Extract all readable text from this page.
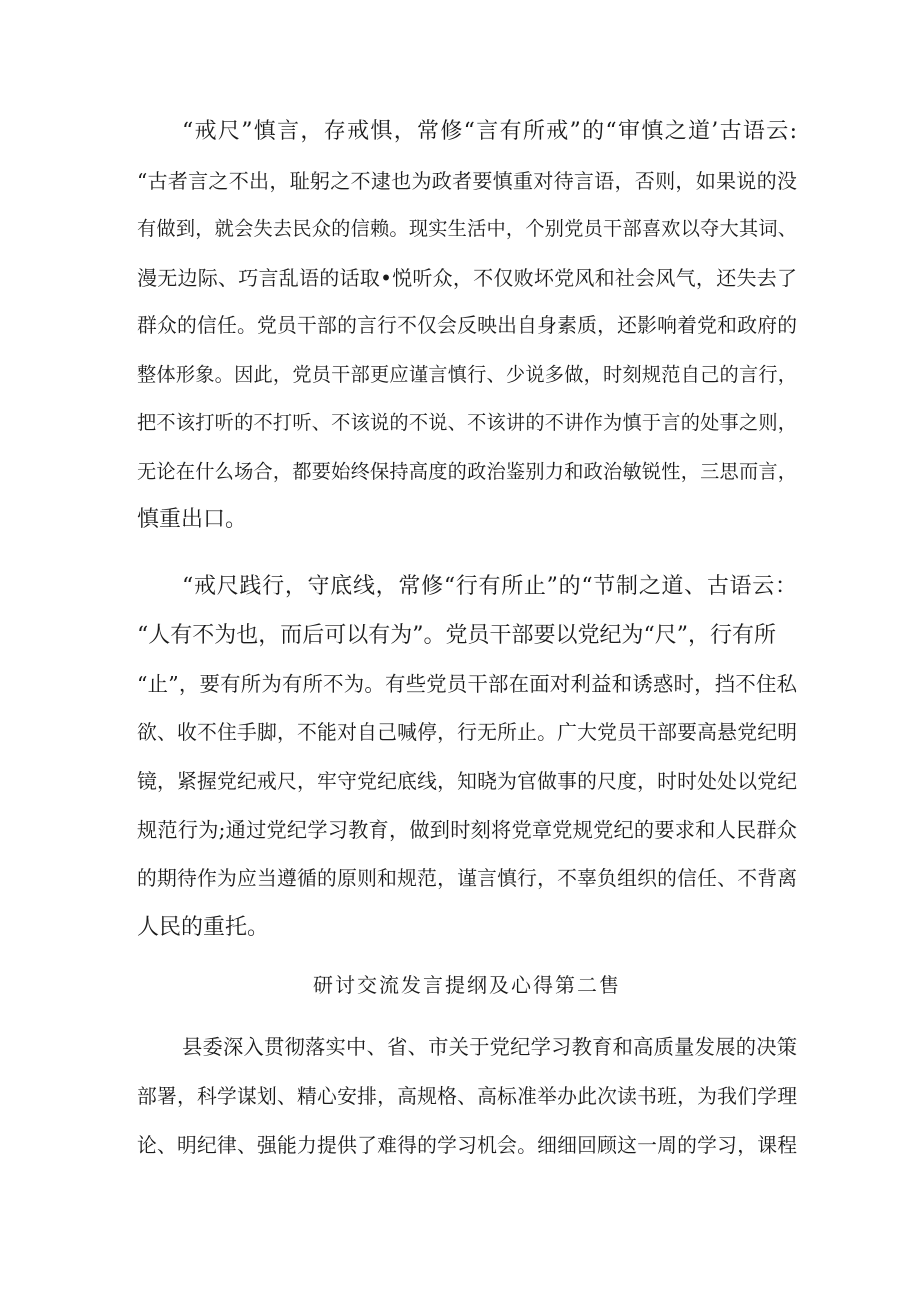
“戒尺”慎言，存戒惧，常修“言有所戒”的“审慎之道’古语云:
“古者言之不出，耻躬之不逮也为政者要慎重对待言语，否则，如果说的没
有做到，就会失去民众的信赖。现实生活中，个别党员干部喜欢以夺大其词、
漫无边际、巧言乱语的话取•悦听众，不仅败坏党风和社会风气，还失去了
群众的信任。党员干部的言行不仅会反映出自身素质，还影响着党和政府的
整体形象。因此，党员干部更应谨言慎行、少说多做，时刻规范自己的言行，
把不该打听的不打听、不该说的不说、不该讲的不讲作为慎于言的处事之则，
无论在什么场合，都要始终保持高度的政治鉴别力和政治敏锐性，三思而言，
慎重出口。
“戒尺践行，守底线，常修“行有所止”的“节制之道、古语云：
“人有不为也，而后可以有为”。党员干部要以党纪为“尺”，行有所
“止”，要有所为有所不为。有些党员干部在面对利益和诱惑时，挡不住私
欲、收不住手脚，不能对自己喊停，行无所止。广大党员干部要高悬党纪明
镜，紧握党纪戒尺，牢守党纪底线，知晓为官做事的尺度，时时处处以党纪
规范行为;通过党纪学习教育，做到时刻将党章党规党纪的要求和人民群众
的期待作为应当遵循的原则和规范，谨言慎行，不辜负组织的信任、不背离
人民的重托。
研讨交流发言提纲及心得第二售
县委深入贯彻落实中、省、市关于党纪学习教育和高质量发展的决策
部署，科学谋划、精心安排，高规格、高标准举办此次读书班，为我们学理
论、明纪律、强能力提供了难得的学习机会。细细回顾这一周的学习，课程
